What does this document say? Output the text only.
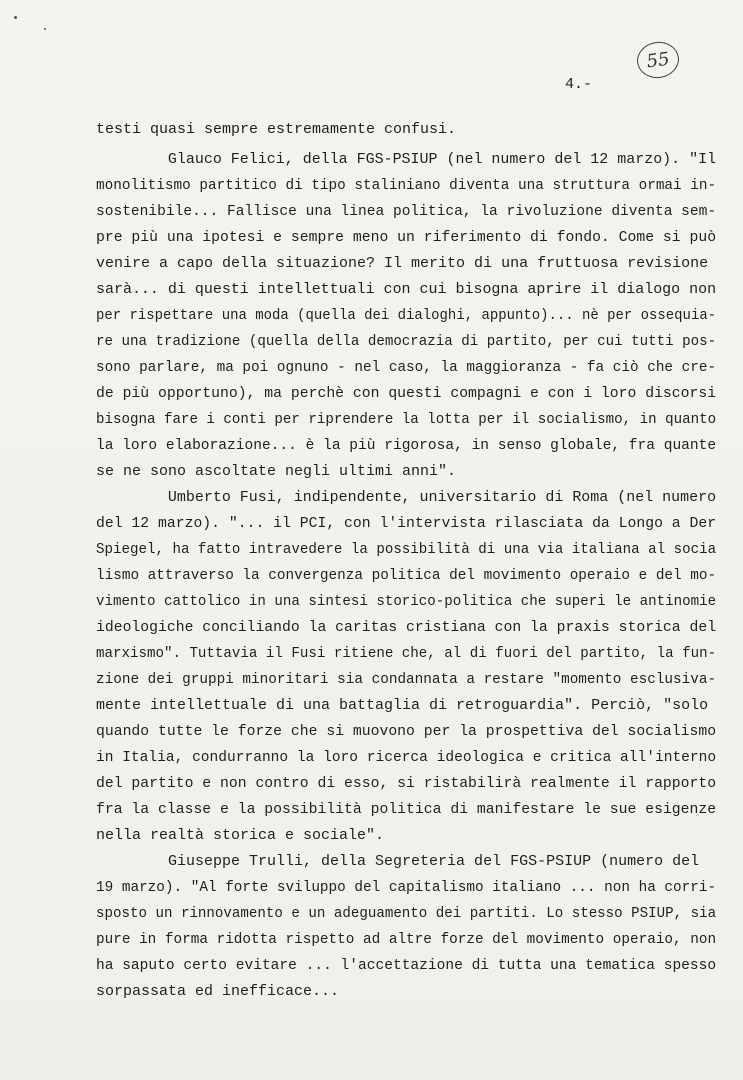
55
4.-
testi quasi sempre estremamente confusi.
Glauco Felici, della FGS-PSIUP (nel numero del 12 marzo). "Il
monolitismo partitico di tipo staliniano diventa una struttura ormai in-
sostenibile... Fallisce una linea politica, la rivoluzione diventa sem-
pre più una ipotesi e sempre meno un riferimento di fondo. Come si può
venire a capo della situazione? Il merito di una fruttuosa revisione
sarà... di questi intellettuali con cui bisogna aprire il dialogo non
per rispettare una moda (quella dei dialoghi, appunto)... nè per ossequia-
re una tradizione (quella della democrazia di partito, per cui tutti pos-
sono parlare, ma poi ognuno - nel caso, la maggioranza - fa ciò che cre-
de più opportuno), ma perchè con questi compagni e con i loro discorsi
bisogna fare i conti per riprendere la lotta per il socialismo, in quanto
la loro elaborazione... è la più rigorosa, in senso globale, fra quante
se ne sono ascoltate negli ultimi anni".
Umberto Fusi, indipendente, universitario di Roma (nel numero
del 12 marzo). "... il PCI, con l'intervista rilasciata da Longo a Der
Spiegel, ha fatto intravedere la possibilità di una via italiana al socia
lismo attraverso la convergenza politica del movimento operaio e del mo-
vimento cattolico in una sintesi storico-politica che superi le antinomie
ideologiche conciliando la caritas cristiana con la praxis storica del
marxismo". Tuttavia il Fusi ritiene che, al di fuori del partito, la fun-
zione dei gruppi minoritari sia condannata a restare "momento esclusiva-
mente intellettuale di una battaglia di retroguardia". Perciò, "solo
quando tutte le forze che si muovono per la prospettiva del socialismo
in Italia, condurranno la loro ricerca ideologica e critica all'interno
del partito e non contro di esso, si ristabilirà realmente il rapporto
fra la classe e la possibilità politica di manifestare le sue esigenze
nella realtà storica e sociale".
Giuseppe Trulli, della Segreteria del FGS-PSIUP (numero del
19 marzo). "Al forte sviluppo del capitalismo italiano ... non ha corri-
sposto un rinnovamento e un adeguamento dei partiti. Lo stesso PSIUP, sia
pure in forma ridotta rispetto ad altre forze del movimento operaio, non
ha saputo certo evitare ... l'accettazione di tutta una tematica spesso
sorpassata ed inefficace...
